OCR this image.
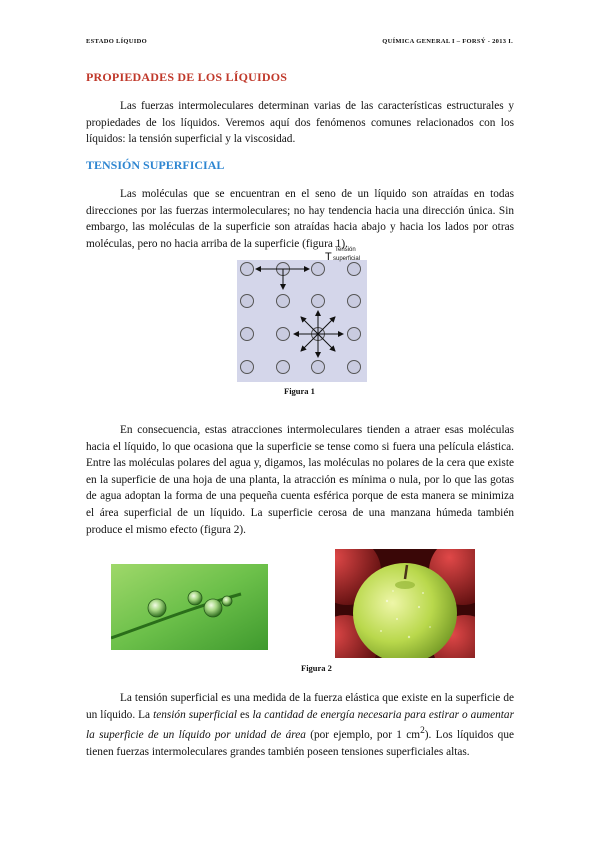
ESTADO LÍQUIDO	QUÍMICA GENERAL I – FORSÝ - 2013 I.
PROPIEDADES DE LOS LÍQUIDOS
Las fuerzas intermoleculares determinan varias de las características estructurales y propiedades de los líquidos. Veremos aquí dos fenómenos comunes relacionados con los líquidos: la tensión superficial y la viscosidad.
TENSIÓN SUPERFICIAL
Las moléculas que se encuentran en el seno de un líquido son atraídas en todas direcciones por las fuerzas intermoleculares; no hay tendencia hacia una dirección única. Sin embargo, las moléculas de la superficie son atraídas hacia abajo y hacia los lados por otras moléculas, pero no hacia arriba de la superficie (figura 1).
Tensión
T superficial
Figura 1
En consecuencia, estas atracciones intermoleculares tienden a atraer esas moléculas hacia el líquido, lo que ocasiona que la superficie se tense como si fuera una película elástica. Entre las moléculas polares del agua y, digamos, las moléculas no polares de la cera que existe en la superficie de una hoja de una planta, la atracción es mínima o nula, por lo que las gotas de agua adoptan la forma de una pequeña cuenta esférica porque de esta manera se minimiza el área superficial de un líquido. La superficie cerosa de una manzana húmeda también produce el mismo efecto (figura 2).
Figura 2
La tensión superficial es una medida de la fuerza elástica que existe en la superficie de un líquido. La tensión superficial es la cantidad de energía necesaria para estirar o aumentar la superficie de un líquido por unidad de área (por ejemplo, por 1 $cm^2$). Los líquidos que tienen fuerzas intermoleculares grandes también poseen tensiones superficiales altas.
